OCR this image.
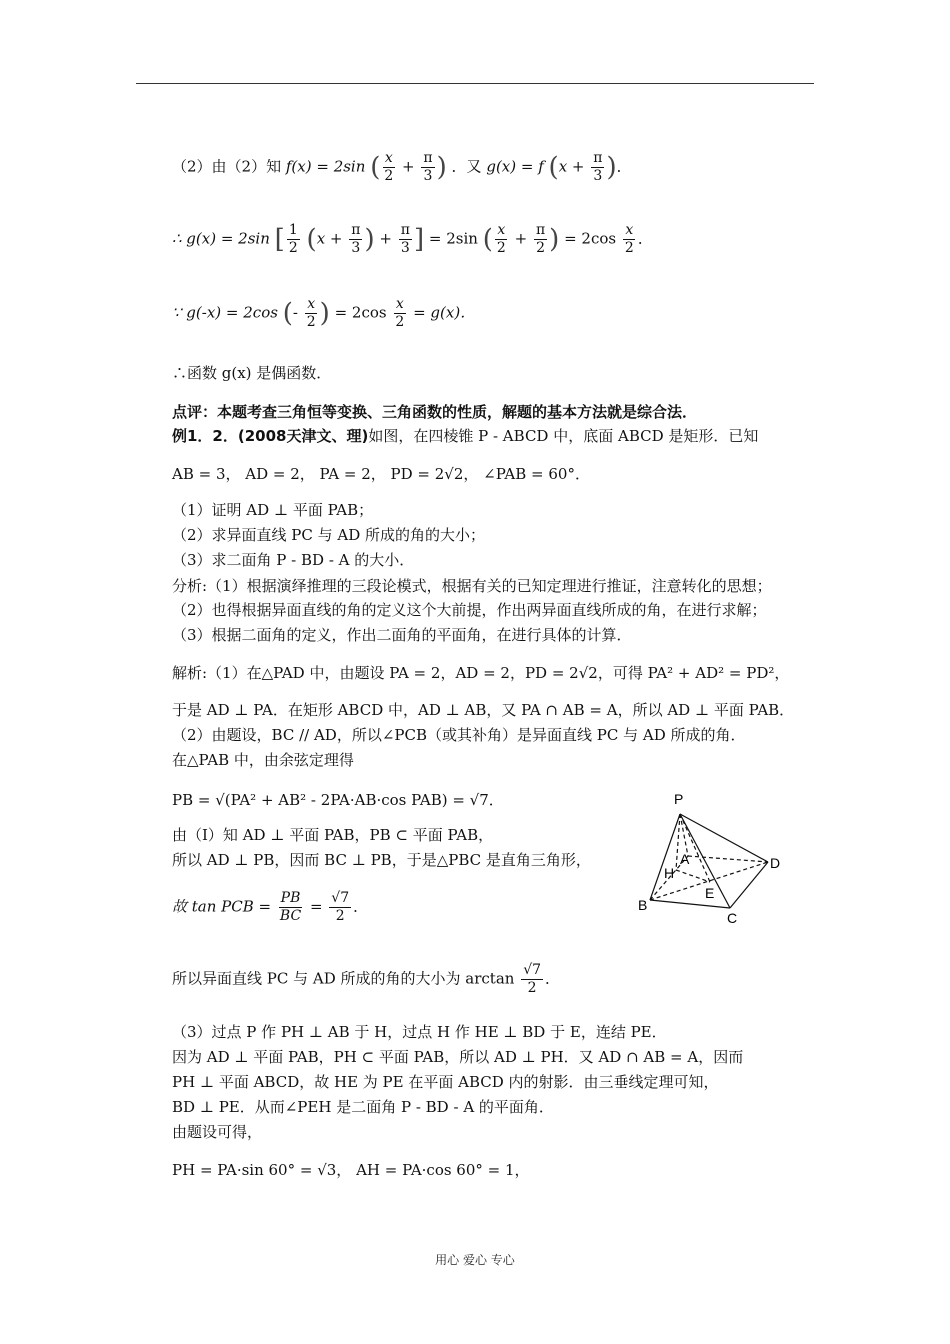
（2）由（2）知 f(x) = 2sin ( $\frac{x}{2} + \frac{\pi}{3}$ ) ．又 g(x) = f ($x + \frac{\pi}{3}$ )．
∴ g(x) = 2sin [ $\frac{1}{2} (x + \frac{\pi}{3}$ ) + $\frac{\pi}{3}$ ] = 2sin ( $\frac{x}{2} + \frac{\pi}{2}$ ) = $2\cos \frac{x}{2}$ ．
∵ g(-x) = 2cos (- $\frac{x}{2}$ ) = $2\cos \frac{x}{2} = g(x)$．
∴函数 g(x) 是偶函数．
点评：本题考查三角恒等变换、三角函数的性质，解题的基本方法就是综合法．
例1．2．(2008天津文、理)如图，在四棱锥 P - ABCD 中，底面 ABCD 是矩形．已知
AB = 3， AD = 2， PA = 2， PD = 2√2， ∠PAB = 60°．
（1）证明 AD ⊥ 平面 PAB；
（2）求异面直线 PC 与 AD 所成的角的大小；
（3）求二面角 P - BD - A 的大小．
分析:（1）根据演绎推理的三段论模式，根据有关的已知定理进行推证，注意转化的思想；
（2）也得根据异面直线的角的定义这个大前提，作出两异面直线所成的角，在进行求解；
（3）根据二面角的定义，作出二面角的平面角，在进行具体的计算．
解析:（1）在△PAD 中，由题设 PA = 2，AD = 2，PD = 2√2，可得 PA² + AD² = PD²，
于是 AD ⊥ PA．在矩形 ABCD 中，AD ⊥ AB，又 PA ∩ AB = A，所以 AD ⊥ 平面 PAB．
（2）由题设，BC // AD，所以∠PCB（或其补角）是异面直线 PC 与 AD 所成的角．
在△PAB 中，由余弦定理得
PB = √(PA² + AB² - 2PA·AB·cos PAB) = √7．
由（Ⅰ）知 AD ⊥ 平面 PAB，PB ⊂ 平面 PAB，
所以 AD ⊥ PB，因而 BC ⊥ PB，于是△PBC 是直角三角形，
故 tan PCB = $\frac{PB}{BC} = \frac{√7}{2}$ ．
所以异面直线 PC 与 AD 所成的角的大小为 $\arctan \frac{√7}{2}$ ．
（3）过点 P 作 PH ⊥ AB 于 H，过点 H 作 HE ⊥ BD 于 E，连结 PE．
因为 AD ⊥ 平面 PAB，PH ⊂ 平面 PAB，所以 AD ⊥ PH．又 AD ∩ AB = A，因而
PH ⊥ 平面 ABCD，故 HE 为 PE 在平面 ABCD 内的射影．由三垂线定理可知，
BD ⊥ PE．从而∠PEH 是二面角 P - BD - A 的平面角．
由题设可得，
PH = PA·sin 60° = √3， AH = PA·cos 60° = 1，
P
A
H
E
D
B
C
用心 爱心 专心
